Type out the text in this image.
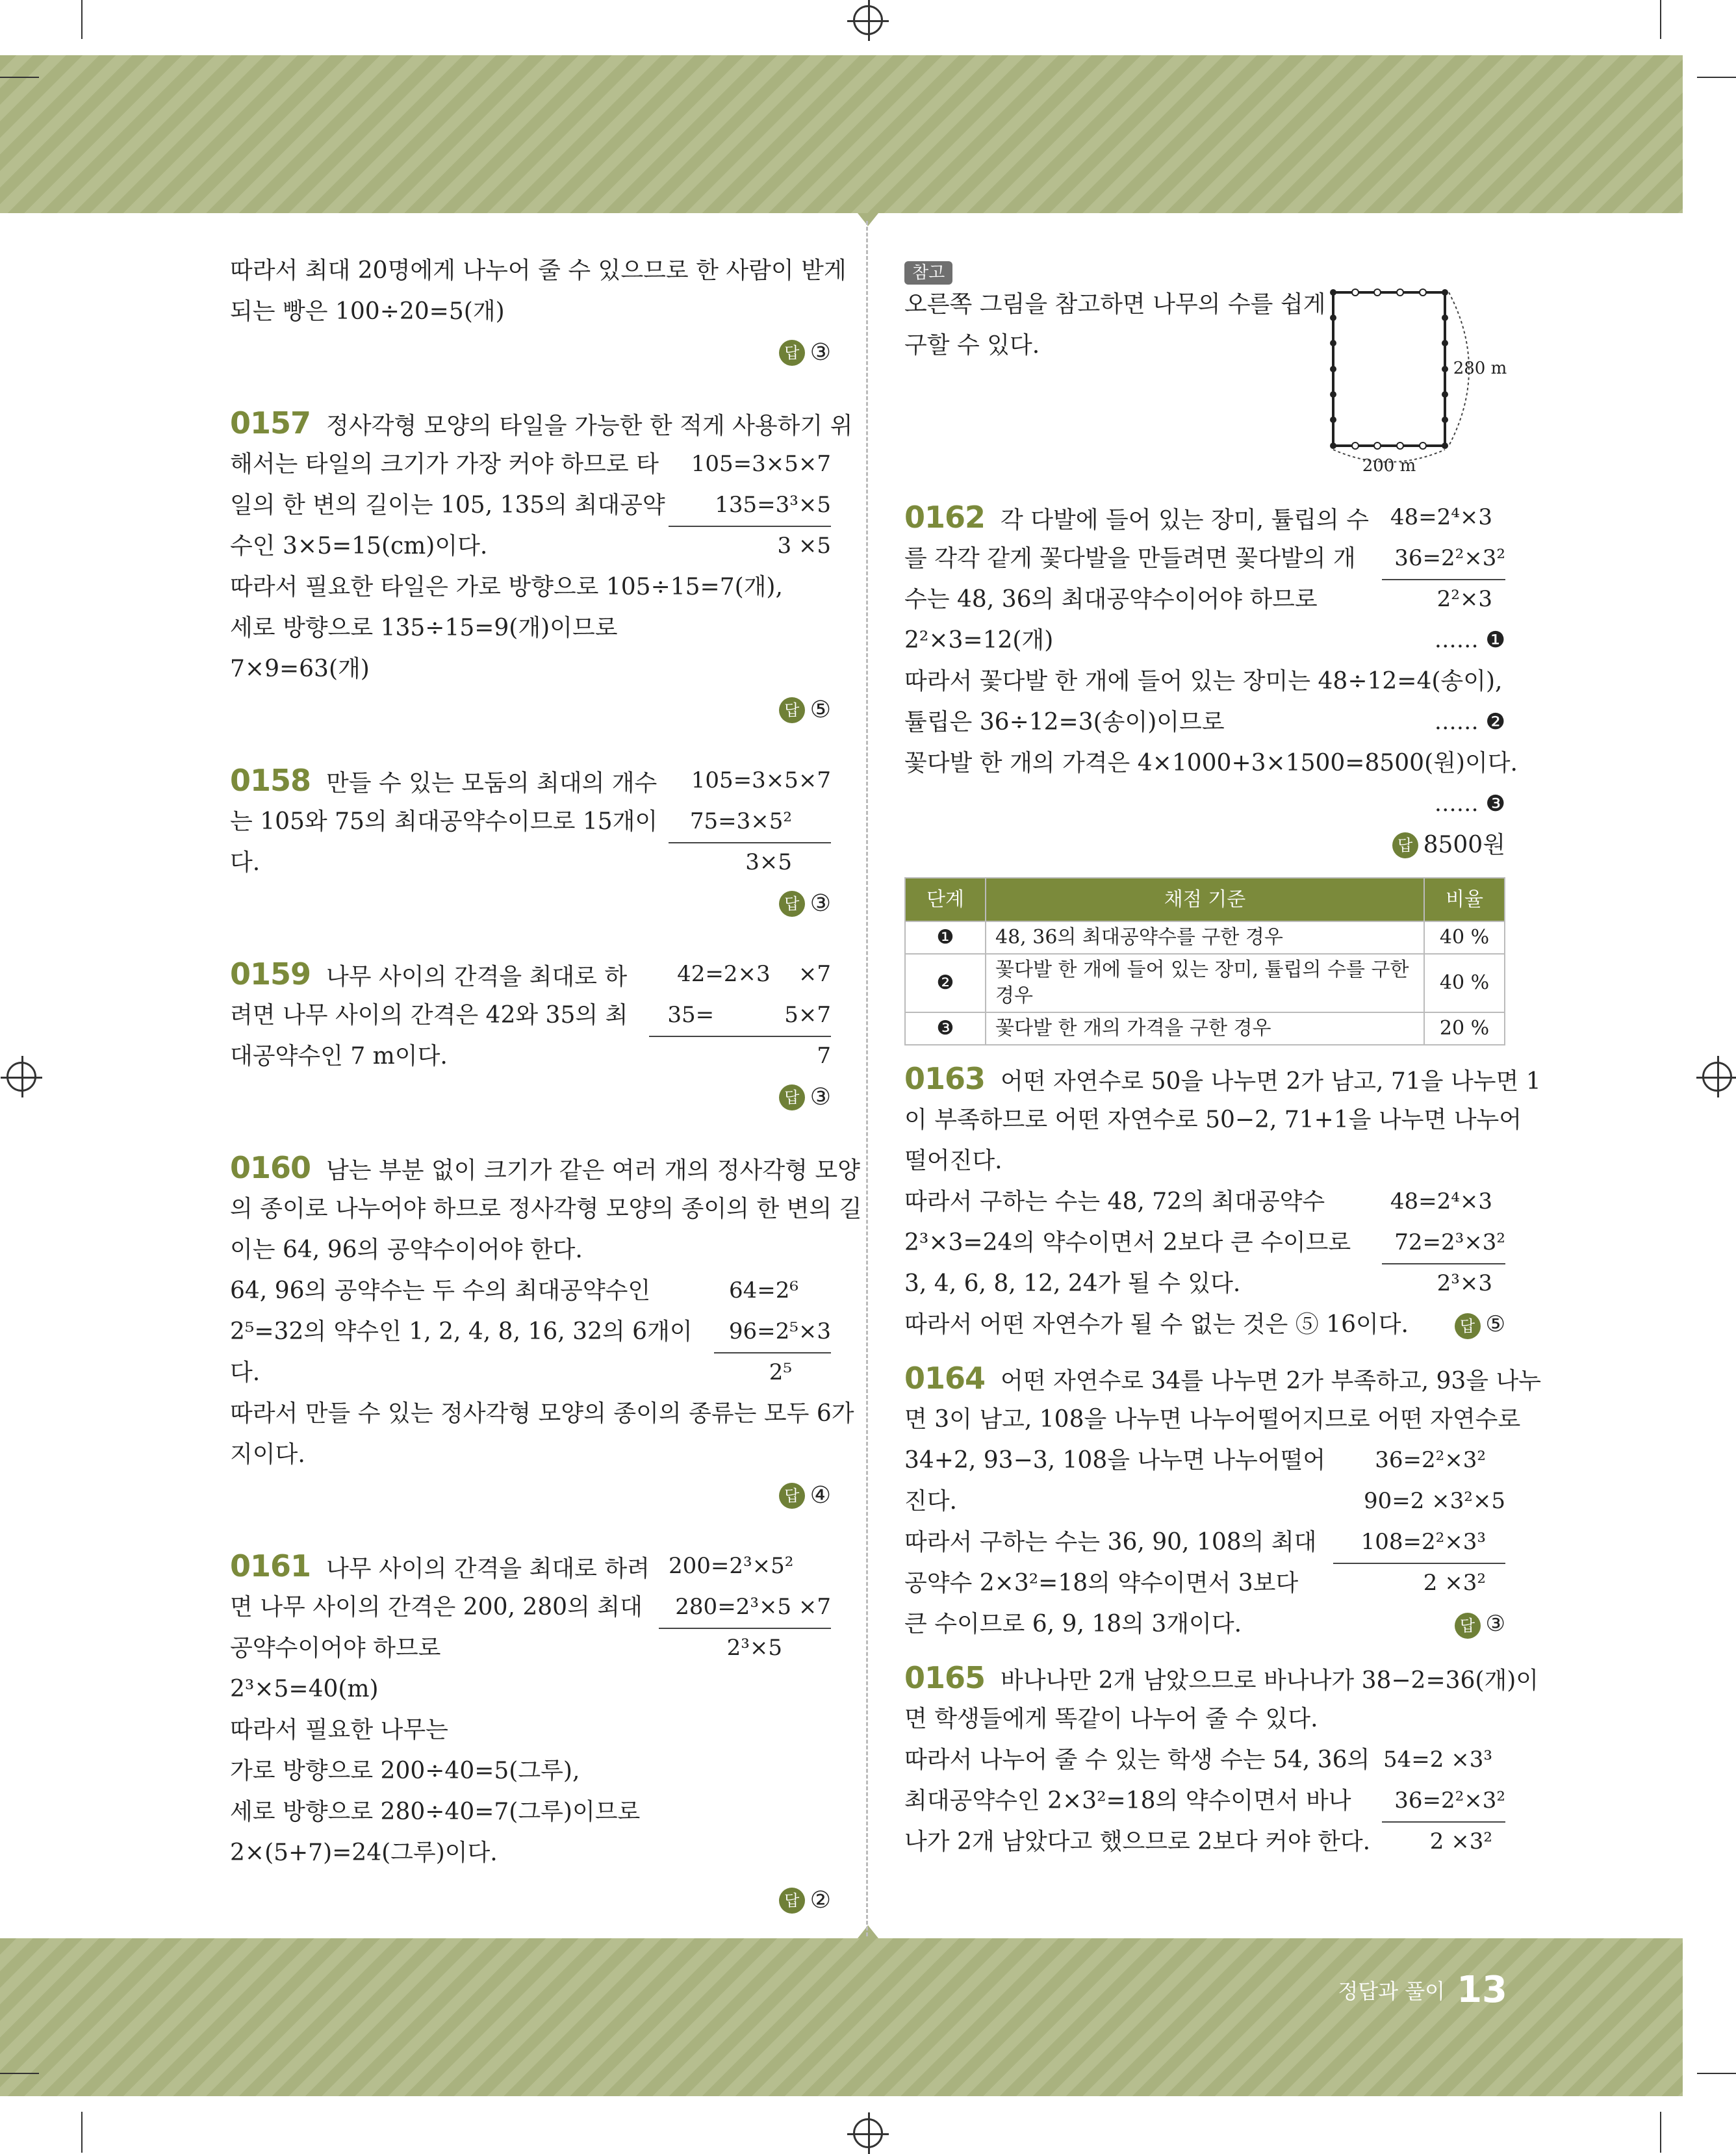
따라서 최대 20명에게 나누어 줄 수 있으므로 한 사람이 받게
되는 빵은 100÷20=5(개)
답 ③
0157 정사각형 모양의 타일을 가능한 한 적게 사용하기 위
해서는 타일의 크기가 가장 커야 하므로 타	105=3×5×7
일의 한 변의 길이는 105, 135의 최대공약	135=3³×5
수인 3×5=15(cm)이다.	3 ×5
따라서 필요한 타일은 가로 방향으로 105÷15=7(개),
세로 방향으로 135÷15=9(개)이므로
7×9=63(개)
답 ⑤
0158 만들 수 있는 모둠의 최대의 개수	105=3×5×7
는 105와 75의 최대공약수이므로 15개이	75=3×5²
다.	3×5
답 ③
0159 나무 사이의 간격을 최대로 하	42=2×3    ×7
려면 나무 사이의 간격은 42와 35의 최	35=          5×7
대공약수인 7 m이다.	7
답 ③
0160 남는 부분 없이 크기가 같은 여러 개의 정사각형 모양
의 종이로 나누어야 하므로 정사각형 모양의 종이의 한 변의 길
이는 64, 96의 공약수이어야 한다.
64, 96의 공약수는 두 수의 최대공약수인	64=2⁶
2⁵=32의 약수인 1, 2, 4, 8, 16, 32의 6개이	96=2⁵×3
다.	2⁵
따라서 만들 수 있는 정사각형 모양의 종이의 종류는 모두 6가
지이다.
답 ④
0161 나무 사이의 간격을 최대로 하려 200=2³×5²
면 나무 사이의 간격은 200, 280의 최대	280=2³×5 ×7
공약수이어야 하므로	2³×5
2³×5=40(m)
따라서 필요한 나무는
가로 방향으로 200÷40=5(그루),
세로 방향으로 280÷40=7(그루)이므로
2×(5+7)=24(그루)이다.
답 ②
참고
오른쪽 그림을 참고하면 나무의 수를 쉽게
구할 수 있다.
200 m
280 m
0162 각 다발에 들어 있는 장미, 튤립의 수 48=2⁴×3
를 각각 같게 꽃다발을 만들려면 꽃다발의 개	36=2²×3²
수는 48, 36의 최대공약수이어야 하므로	2²×3
2²×3=12(개)	…… ❶
따라서 꽃다발 한 개에 들어 있는 장미는 48÷12=4(송이),
튤립은 36÷12=3(송이)이므로	…… ❷
꽃다발 한 개의 가격은 4×1000+3×1500=8500(원)이다.
…… ❸
답 8500원
단계	채점 기준	비율
❶	48, 36의 최대공약수를 구한 경우	40 %
❷	꽃다발 한 개에 들어 있는 장미, 튤립의 수를 구한 경우	40 %
❸	꽃다발 한 개의 가격을 구한 경우	20 %
0163 어떤 자연수로 50을 나누면 2가 남고, 71을 나누면 1
이 부족하므로 어떤 자연수로 50−2, 71+1을 나누면 나누어
떨어진다.
따라서 구하는 수는 48, 72의 최대공약수	48=2⁴×3
2³×3=24의 약수이면서 2보다 큰 수이므로	72=2³×3²
3, 4, 6, 8, 12, 24가 될 수 있다.	2³×3
따라서 어떤 자연수가 될 수 없는 것은 ⑤ 16이다.	답 ⑤
0164 어떤 자연수로 34를 나누면 2가 부족하고, 93을 나누
면 3이 남고, 108을 나누면 나누어떨어지므로 어떤 자연수로
34+2, 93−3, 108을 나누면 나누어떨어	36=2²×3²
진다.	90=2 ×3²×5
따라서 구하는 수는 36, 90, 108의 최대	108=2²×3³
공약수 2×3²=18의 약수이면서 3보다	2 ×3²
큰 수이므로 6, 9, 18의 3개이다.	답 ③
0165 바나나만 2개 남았으므로 바나나가 38−2=36(개)이
면 학생들에게 똑같이 나누어 줄 수 있다.
따라서 나누어 줄 수 있는 학생 수는 54, 36의 54=2 ×3³
최대공약수인 2×3²=18의 약수이면서 바나	36=2²×3²
나가 2개 남았다고 했으므로 2보다 커야 한다.	2 ×3²
정답과 풀이 13
